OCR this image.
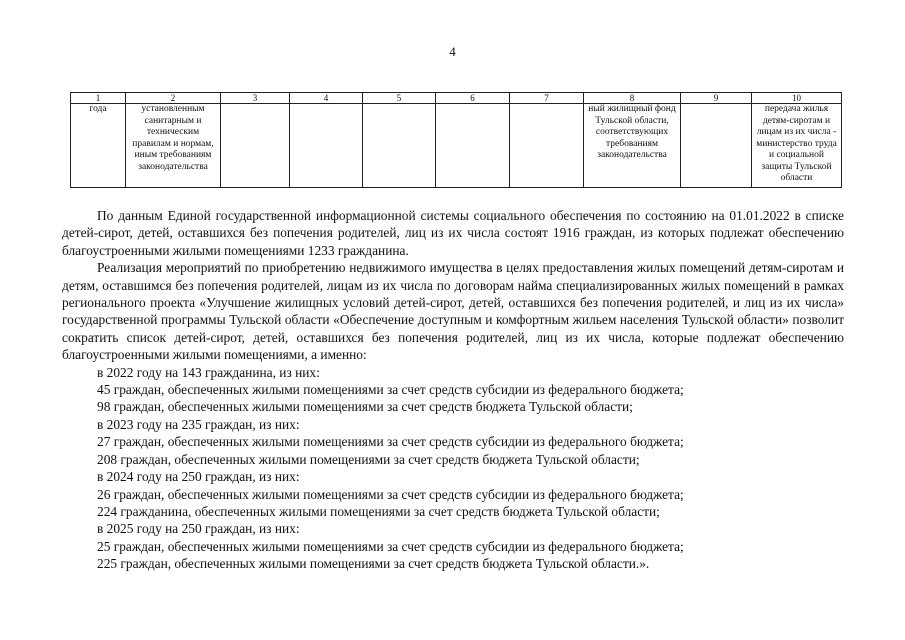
4
1	2	3	4	5	6	7	8	9	10
года	установленным санитарным и техническим правилам и нормам, иным требованиям законодательства						ный жилищный фонд Тульской области, соответствующих требованиям законодательства		передача жилья детям-сиротам и лицам из их числа - министерство труда и социальной защиты Тульской области

По данным Единой государственной информационной системы социального обеспечения по состоянию на 01.01.2022 в списке детей-сирот, детей, оставшихся без попечения родителей, лиц из их числа состоят 1916 граждан, из которых подлежат обеспечению благоустроенными жилыми помещениями 1233 гражданина.

Реализация мероприятий по приобретению недвижимого имущества в целях предоставления жилых помещений детям-сиротам и детям, оставшимся без попечения родителей, лицам из их числа по договорам найма специализированных жилых помещений в рамках регионального проекта «Улучшение жилищных условий детей-сирот, детей, оставшихся без попечения родителей, и лиц из их числа» государственной программы Тульской области «Обеспечение доступным и комфортным жильем населения Тульской области» позволит сократить список детей-сирот, детей, оставшихся без попечения родителей, лиц из их числа, которые подлежат обеспечению благоустроенными жилыми помещениями, а именно:

в 2022 году на 143 гражданина, из них:

45 граждан, обеспеченных жилыми помещениями за счет средств субсидии из федерального бюджета;

98 граждан, обеспеченных жилыми помещениями за счет средств бюджета Тульской области;

в 2023 году на 235 граждан, из них:

27 граждан, обеспеченных жилыми помещениями за счет средств субсидии из федерального бюджета;

208 граждан, обеспеченных жилыми помещениями за счет средств бюджета Тульской области;

в 2024 году на 250 граждан, из них:

26 граждан, обеспеченных жилыми помещениями за счет средств субсидии из федерального бюджета;

224 гражданина, обеспеченных жилыми помещениями за счет средств бюджета Тульской области;

в 2025 году на 250 граждан, из них:

25 граждан, обеспеченных жилыми помещениями за счет средств субсидии из федерального бюджета;

225 граждан, обеспеченных жилыми помещениями за счет средств бюджета Тульской области.».
